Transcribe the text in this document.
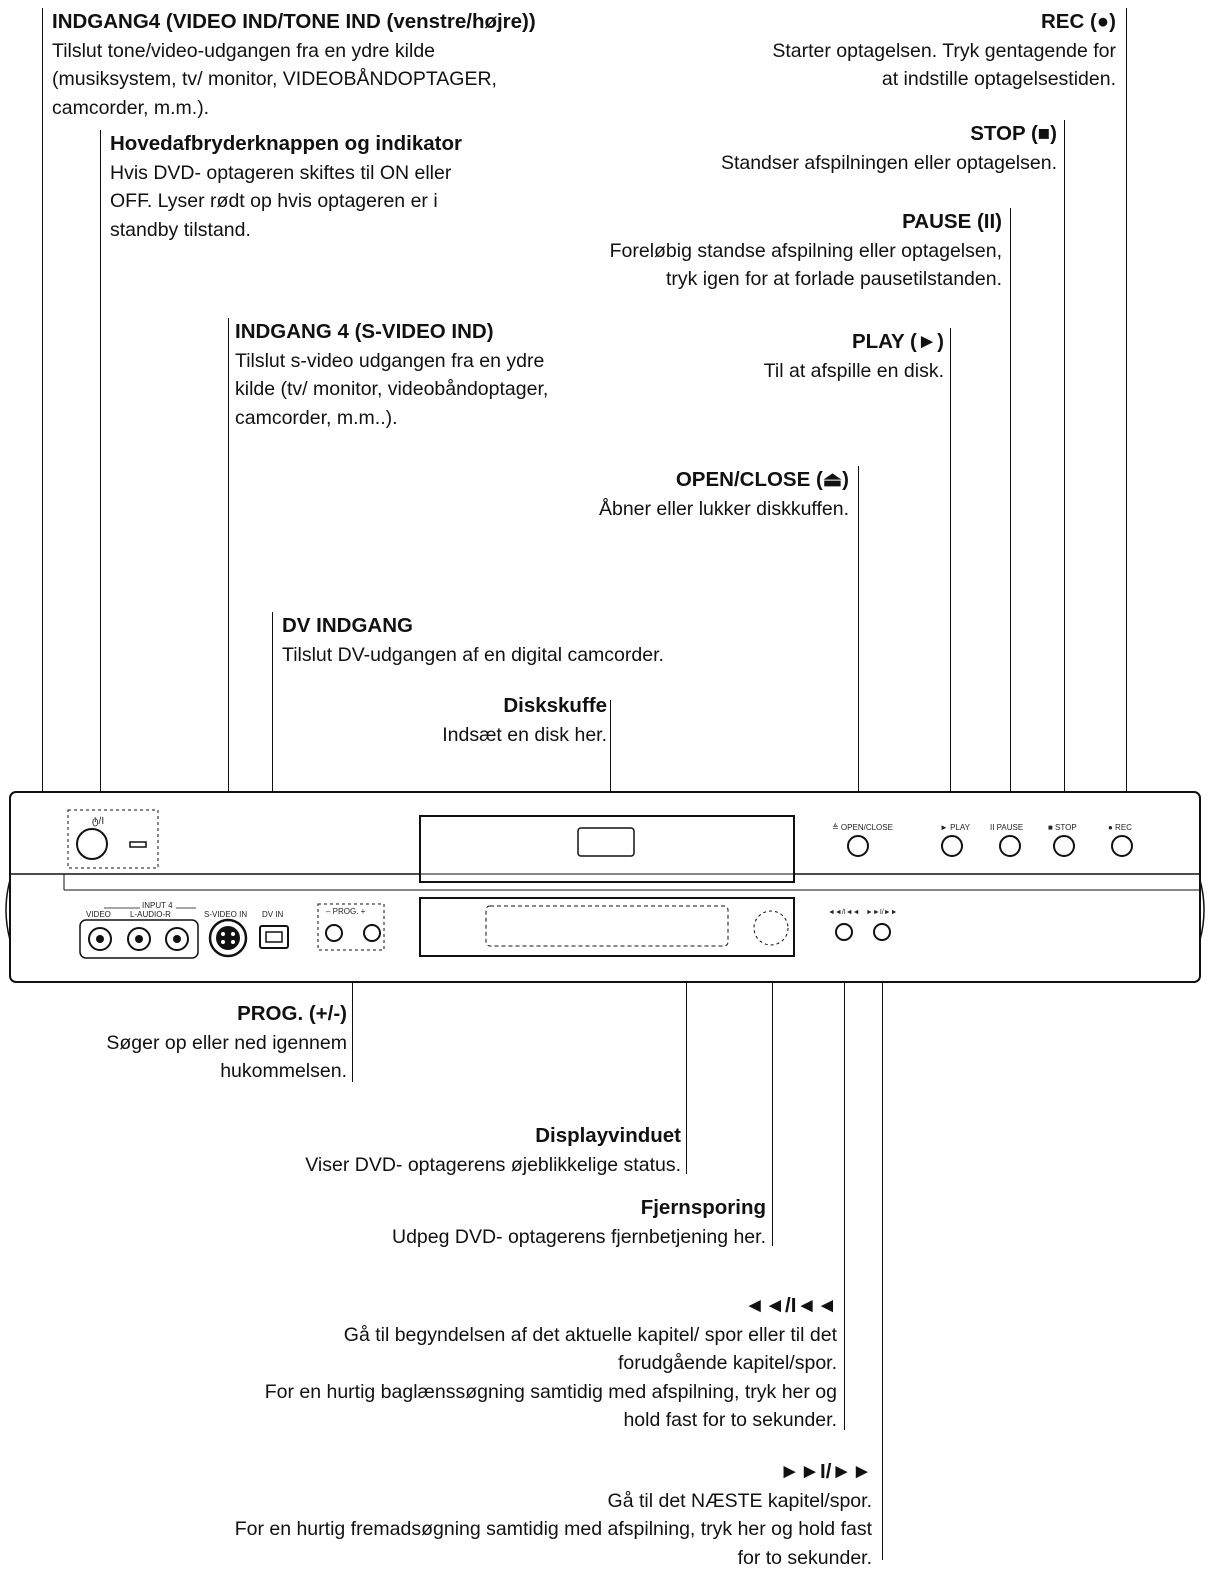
INDGANG4 (VIDEO IND/TONE IND (venstre/højre))
Tilslut tone/video-udgangen fra en ydre kilde
(musiksystem, tv/ monitor, VIDEOBÅNDOPTAGER,
camcorder, m.m.).
Hovedafbryderknappen og indikator
Hvis DVD- optageren skiftes til ON eller
OFF. Lyser rødt op hvis optageren er i
standby tilstand.
INDGANG 4 (S-VIDEO IND)
Tilslut s-video udgangen fra en ydre
kilde (tv/ monitor, videobåndoptager,
camcorder, m.m..).
DV INDGANG
Tilslut DV-udgangen af en digital camcorder.
Diskskuffe
Indsæt en disk her.
REC (●)
Starter optagelsen. Tryk gentagende for
at indstille optagelsestiden.
STOP (■)
Standser afspilningen eller optagelsen.
PAUSE (II)
Foreløbig standse afspilning eller optagelsen,
tryk igen for at forlade pausetilstanden.
PLAY (►)
Til at afspille en disk.
OPEN/CLOSE (⏏)
Åbner eller lukker diskkuffen.
PROG. (+/-)
Søger op eller ned igennem
hukommelsen.
Displayvinduet
Viser DVD- optagerens øjeblikkelige status.
Fjernsporing
Udpeg DVD- optagerens fjernbetjening her.
◄◄/I◄◄
Gå til begyndelsen af det aktuelle kapitel/ spor eller til det
forudgående kapitel/spor.
For en hurtig baglænssøgning samtidig med afspilning, tryk her og
hold fast for to sekunder.
►►I/►►
Gå til det NÆSTE kapitel/spor.
For en hurtig fremadsøgning samtidig med afspilning, tryk her og hold fast
for to sekunder.
ტ/I
≜ OPEN/CLOSE	► PLAY II PAUSE	■ STOP	● REC
INPUT 4
VIDEO L-AUDIO-R	S-VIDEO IN DV IN	– PROG. +	◄◄/I◄◄ ►►I/►►
